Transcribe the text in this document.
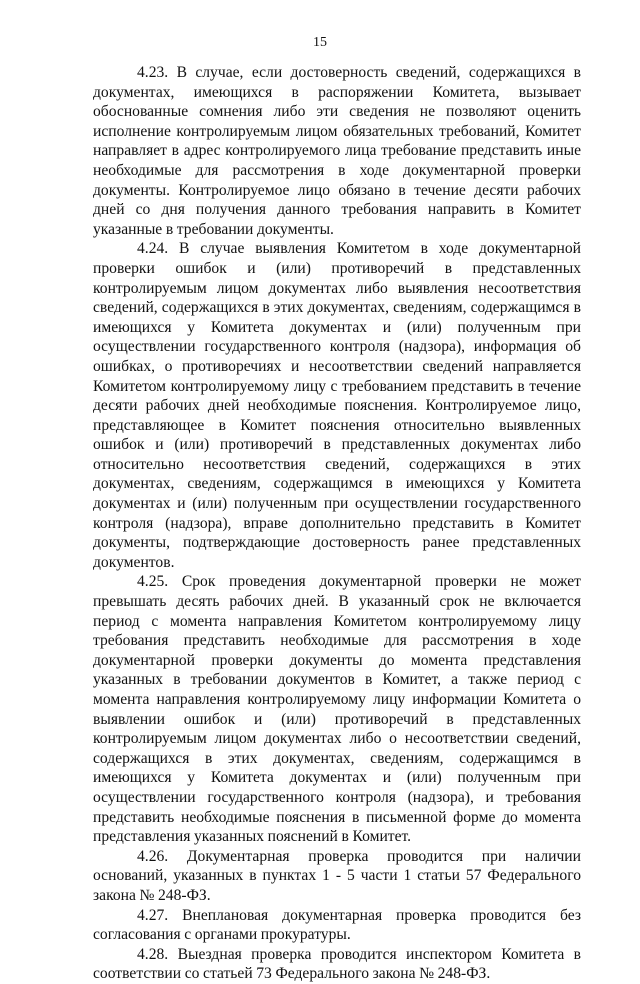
15

4.23. В случае, если достоверность сведений, содержащихся в документах, имеющихся в распоряжении Комитета, вызывает обоснованные сомнения либо эти сведения не позволяют оценить исполнение контролируемым лицом обязательных требований, Комитет направляет в адрес контролируемого лица требование представить иные необходимые для рассмотрения в ходе документарной проверки документы. Контролируемое лицо обязано в течение десяти рабочих дней со дня получения данного требования направить в Комитет указанные в требовании документы.

4.24. В случае выявления Комитетом в ходе документарной проверки ошибок и (или) противоречий в представленных контролируемым лицом документах либо выявления несоответствия сведений, содержащихся в этих документах, сведениям, содержащимся в имеющихся у Комитета документах и (или) полученным при осуществлении государственного контроля (надзора), информация об ошибках, о противоречиях и несоответствии сведений направляется Комитетом контролируемому лицу с требованием представить в течение десяти рабочих дней необходимые пояснения. Контролируемое лицо, представляющее в Комитет пояснения относительно выявленных ошибок и (или) противоречий в представленных документах либо относительно несоответствия сведений, содержащихся в этих документах, сведениям, содержащимся в имеющихся у Комитета документах и (или) полученным при осуществлении государственного контроля (надзора), вправе дополнительно представить в Комитет документы, подтверждающие достоверность ранее представленных документов.

4.25. Срок проведения документарной проверки не может превышать десять рабочих дней. В указанный срок не включается период с момента направления Комитетом контролируемому лицу требования представить необходимые для рассмотрения в ходе документарной проверки документы до момента представления указанных в требовании документов в Комитет, а также период с момента направления контролируемому лицу информации Комитета о выявлении ошибок и (или) противоречий в представленных контролируемым лицом документах либо о несоответствии сведений, содержащихся в этих документах, сведениям, содержащимся в имеющихся у Комитета документах и (или) полученным при осуществлении государственного контроля (надзора), и требования представить необходимые пояснения в письменной форме до момента представления указанных пояснений в Комитет.

4.26. Документарная проверка проводится при наличии оснований, указанных в пунктах 1 - 5 части 1 статьи 57 Федерального закона № 248-ФЗ.

4.27. Внеплановая документарная проверка проводится без согласования с органами прокуратуры.

4.28. Выездная проверка проводится инспектором Комитета в соответствии со статьей 73 Федерального закона № 248-ФЗ.
